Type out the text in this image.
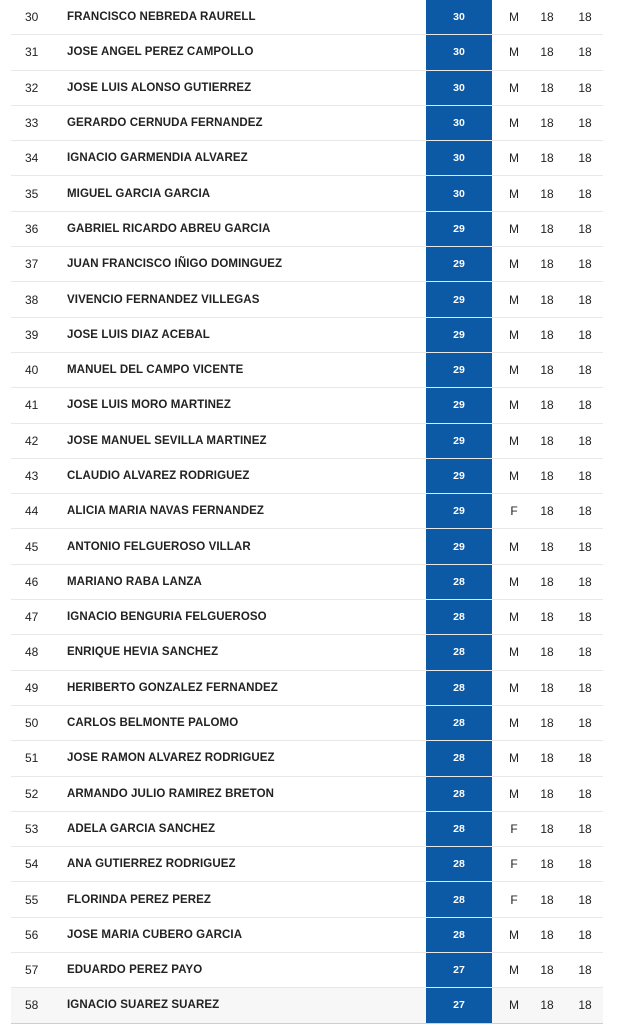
30	FRANCISCO NEBREDA RAURELL	30	M	18	18
31	JOSE ANGEL PEREZ CAMPOLLO	30	M	18	18
32	JOSE LUIS ALONSO GUTIERREZ	30	M	18	18
33	GERARDO CERNUDA FERNANDEZ	30	M	18	18
34	IGNACIO GARMENDIA ALVAREZ	30	M	18	18
35	MIGUEL GARCIA GARCIA	30	M	18	18
36	GABRIEL RICARDO ABREU GARCIA	29	M	18	18
37	JUAN FRANCISCO IÑIGO DOMINGUEZ	29	M	18	18
38	VIVENCIO FERNANDEZ VILLEGAS	29	M	18	18
39	JOSE LUIS DIAZ ACEBAL	29	M	18	18
40	MANUEL DEL CAMPO VICENTE	29	M	18	18
41	JOSE LUIS MORO MARTINEZ	29	M	18	18
42	JOSE MANUEL SEVILLA MARTINEZ	29	M	18	18
43	CLAUDIO ALVAREZ RODRIGUEZ	29	M	18	18
44	ALICIA MARIA NAVAS FERNANDEZ	29	F	18	18
45	ANTONIO FELGUEROSO VILLAR	29	M	18	18
46	MARIANO RABA LANZA	28	M	18	18
47	IGNACIO BENGURIA FELGUEROSO	28	M	18	18
48	ENRIQUE HEVIA SANCHEZ	28	M	18	18
49	HERIBERTO GONZALEZ FERNANDEZ	28	M	18	18
50	CARLOS BELMONTE PALOMO	28	M	18	18
51	JOSE RAMON ALVAREZ RODRIGUEZ	28	M	18	18
52	ARMANDO JULIO RAMIREZ BRETON	28	M	18	18
53	ADELA GARCIA SANCHEZ	28	F	18	18
54	ANA GUTIERREZ RODRIGUEZ	28	F	18	18
55	FLORINDA PEREZ PEREZ	28	F	18	18
56	JOSE MARIA CUBERO GARCIA	28	M	18	18
57	EDUARDO PEREZ PAYO	27	M	18	18
58	IGNACIO SUAREZ SUAREZ	27	M	18	18
